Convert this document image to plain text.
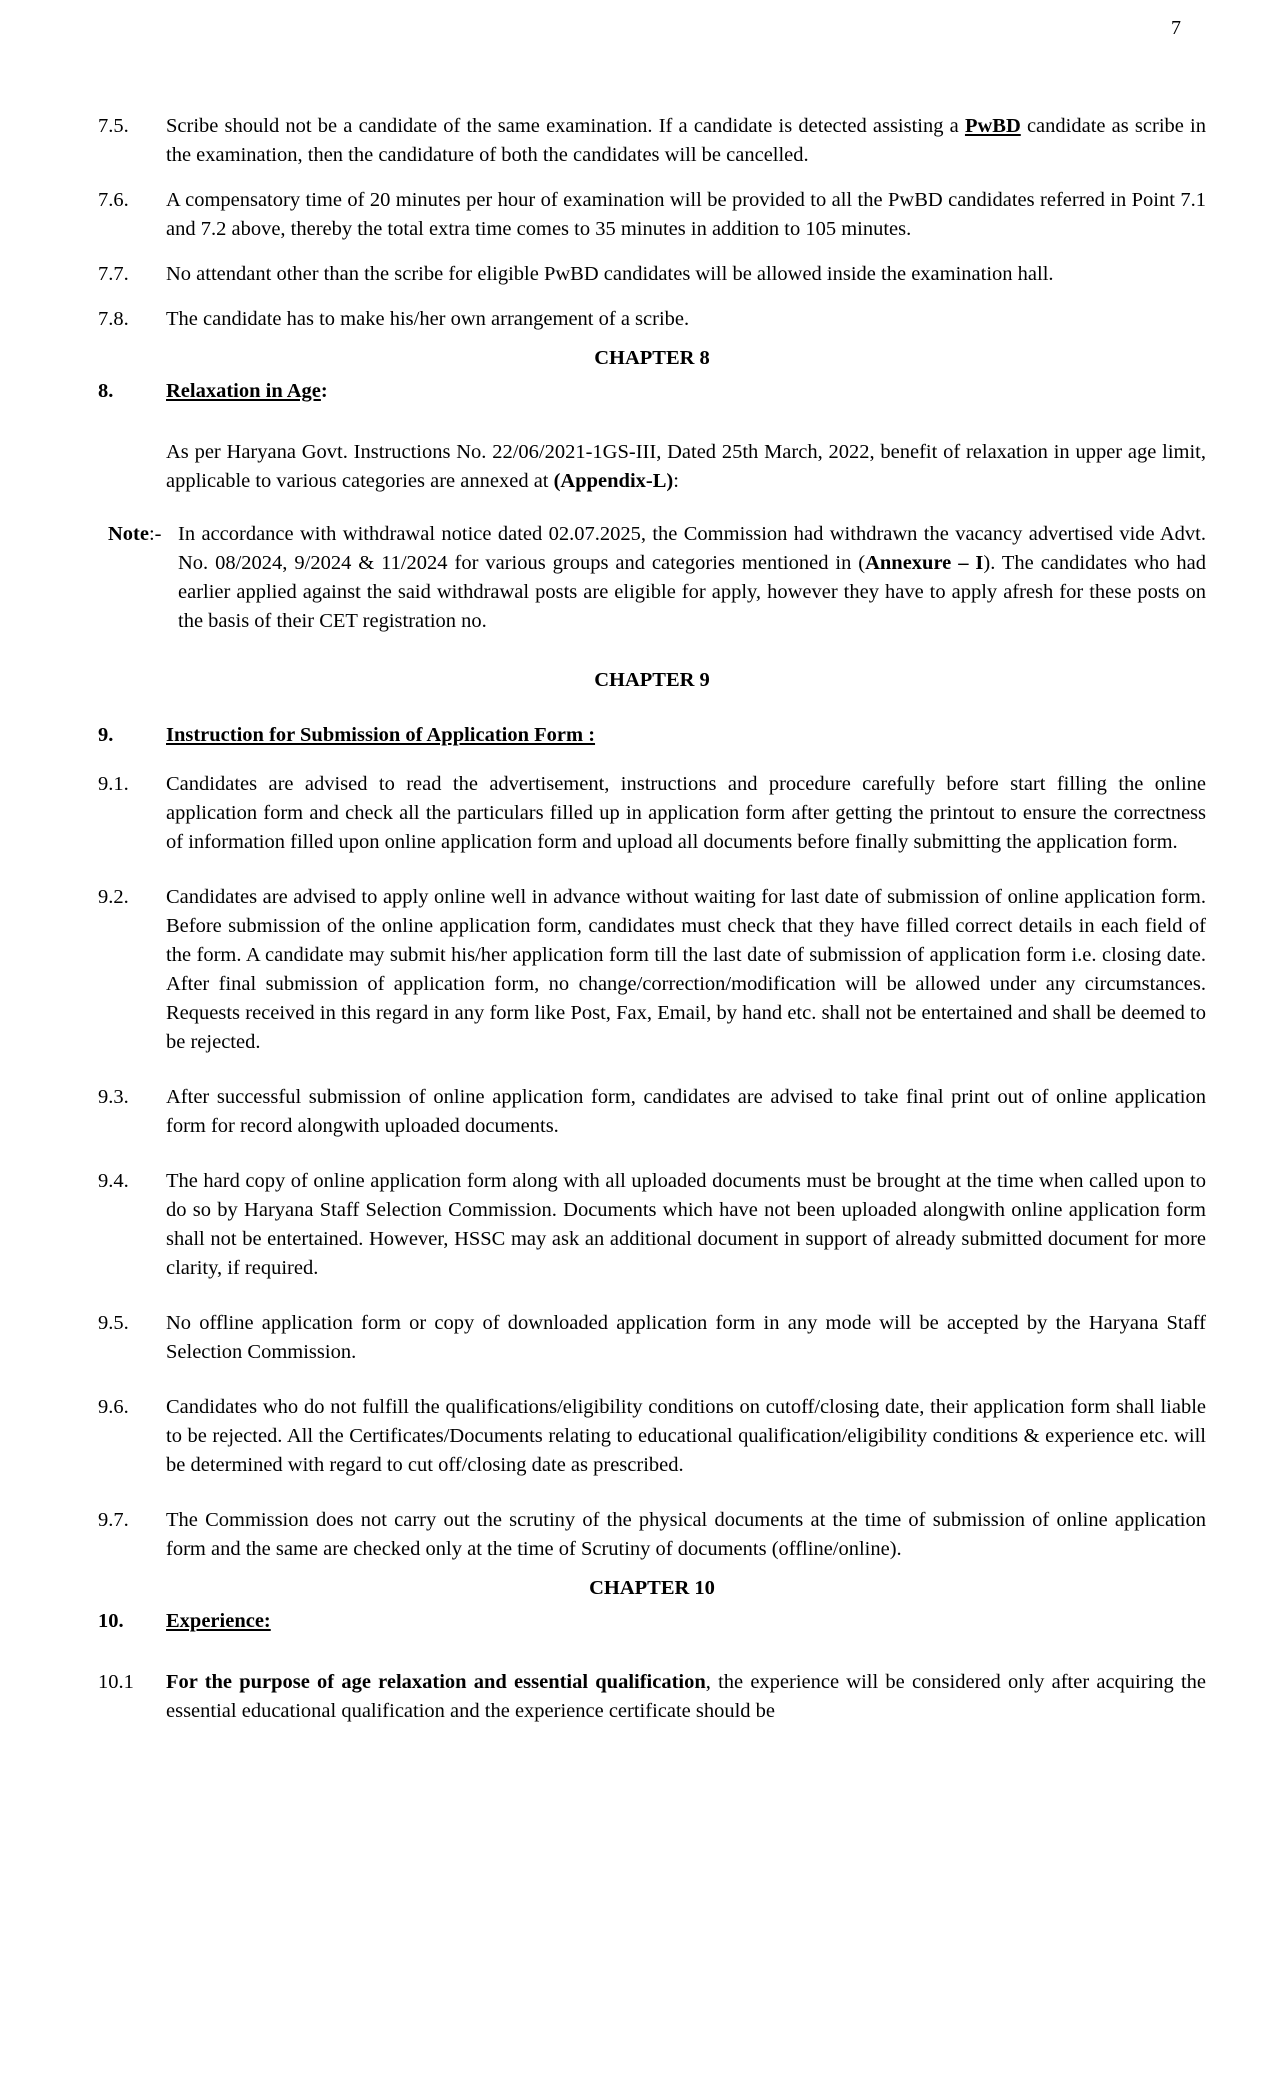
7
7.5.	Scribe should not be a candidate of the same examination. If a candidate is detected assisting a PwBD candidate as scribe in the examination, then the candidature of both the candidates will be cancelled.
7.6.	A compensatory time of 20 minutes per hour of examination will be provided to all the PwBD candidates referred in Point 7.1 and 7.2 above, thereby the total extra time comes to 35 minutes in addition to 105 minutes.
7.7.	No attendant other than the scribe for eligible PwBD candidates will be allowed inside the examination hall.
7.8.	The candidate has to make his/her own arrangement of a scribe.
CHAPTER 8
8.	Relaxation in Age:
As per Haryana Govt. Instructions No. 22/06/2021-1GS-III, Dated 25th March, 2022, benefit of relaxation in upper age limit, applicable to various categories are annexed at (Appendix-L):
Note:- In accordance with withdrawal notice dated 02.07.2025, the Commission had withdrawn the vacancy advertised vide Advt. No. 08/2024, 9/2024 & 11/2024 for various groups and categories mentioned in (Annexure – I). The candidates who had earlier applied against the said withdrawal posts are eligible for apply, however they have to apply afresh for these posts on the basis of their CET registration no.
CHAPTER 9
9.	Instruction for Submission of Application Form :
9.1.	Candidates are advised to read the advertisement, instructions and procedure carefully before start filling the online application form and check all the particulars filled up in application form after getting the printout to ensure the correctness of information filled upon online application form and upload all documents before finally submitting the application form.
9.2.	Candidates are advised to apply online well in advance without waiting for last date of submission of online application form. Before submission of the online application form, candidates must check that they have filled correct details in each field of the form. A candidate may submit his/her application form till the last date of submission of application form i.e. closing date. After final submission of application form, no change/correction/modification will be allowed under any circumstances. Requests received in this regard in any form like Post, Fax, Email, by hand etc. shall not be entertained and shall be deemed to be rejected.
9.3.	After successful submission of online application form, candidates are advised to take final print out of online application form for record alongwith uploaded documents.
9.4.	The hard copy of online application form along with all uploaded documents must be brought at the time when called upon to do so by Haryana Staff Selection Commission. Documents which have not been uploaded alongwith online application form shall not be entertained. However, HSSC may ask an additional document in support of already submitted document for more clarity, if required.
9.5.	No offline application form or copy of downloaded application form in any mode will be accepted by the Haryana Staff Selection Commission.
9.6.	Candidates who do not fulfill the qualifications/eligibility conditions on cutoff/closing date, their application form shall liable to be rejected. All the Certificates/Documents relating to educational qualification/eligibility conditions & experience etc. will be determined with regard to cut off/closing date as prescribed.
9.7.	The Commission does not carry out the scrutiny of the physical documents at the time of submission of online application form and the same are checked only at the time of Scrutiny of documents (offline/online).
CHAPTER 10
10.	Experience:
10.1	For the purpose of age relaxation and essential qualification, the experience will be considered only after acquiring the essential educational qualification and the experience certificate should be
